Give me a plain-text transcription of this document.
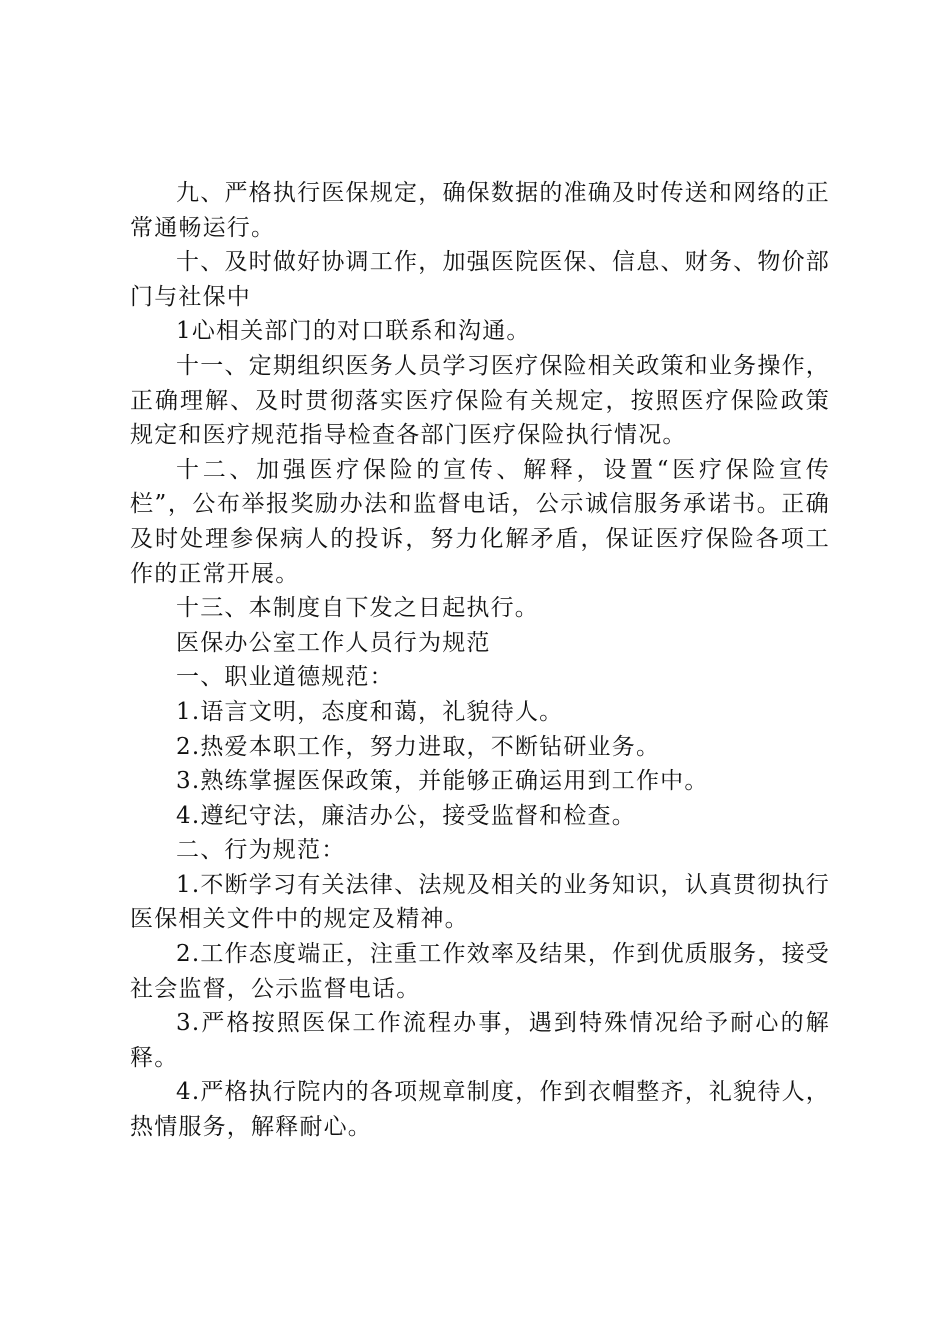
九、严格执行医保规定，确保数据的准确及时传送和网络的正常通畅运行。

十、及时做好协调工作，加强医院医保、信息、财务、物价部门与社保中

1心相关部门的对口联系和沟通。

十一、定期组织医务人员学习医疗保险相关政策和业务操作，正确理解、及时贯彻落实医疗保险有关规定，按照医疗保险政策规定和医疗规范指导检查各部门医疗保险执行情况。

十二、加强医疗保险的宣传、解释，设置“医疗保险宣传栏”，公布举报奖励办法和监督电话，公示诚信服务承诺书。正确及时处理参保病人的投诉，努力化解矛盾，保证医疗保险各项工作的正常开展。

十三、本制度自下发之日起执行。

医保办公室工作人员行为规范

一、职业道德规范：

1.语言文明，态度和蔼，礼貌待人。

2.热爱本职工作，努力进取，不断钻研业务。

3.熟练掌握医保政策，并能够正确运用到工作中。

4.遵纪守法，廉洁办公，接受监督和检查。

二、行为规范：

1.不断学习有关法律、法规及相关的业务知识，认真贯彻执行医保相关文件中的规定及精神。

2.工作态度端正，注重工作效率及结果，作到优质服务，接受社会监督，公示监督电话。

3.严格按照医保工作流程办事，遇到特殊情况给予耐心的解释。

4.严格执行院内的各项规章制度，作到衣帽整齐，礼貌待人，热情服务，解释耐心。
